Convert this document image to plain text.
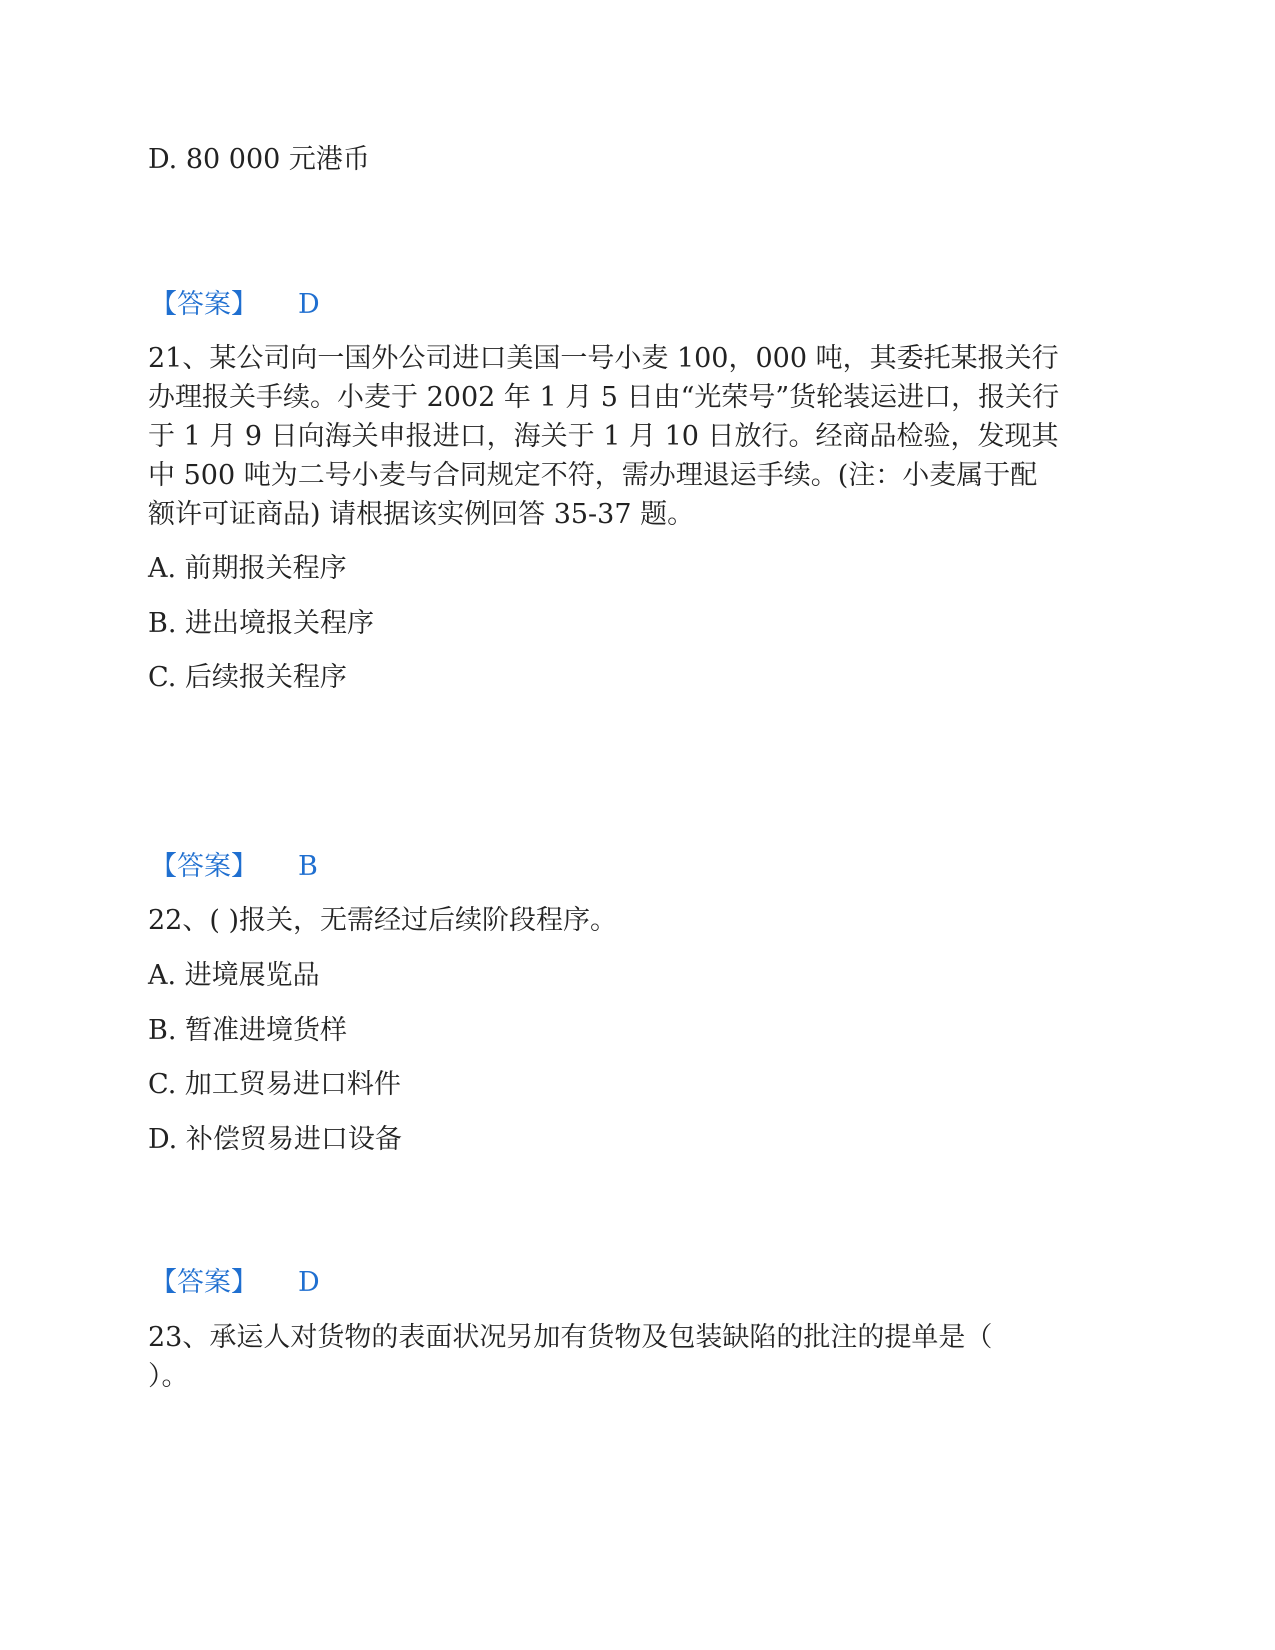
D. 80 000 元港币
【答案】 D
21、某公司向一国外公司进口美国一号小麦 100，000 吨，其委托某报关行
办理报关手续。小麦于 2002 年 1 月 5 日由“光荣号”货轮装运进口，报关行
于 1 月 9 日向海关申报进口，海关于 1 月 10 日放行。经商品检验，发现其
中 500 吨为二号小麦与合同规定不符，需办理退运手续。(注：小麦属于配
额许可证商品) 请根据该实例回答 35-37 题。
A. 前期报关程序
B. 进出境报关程序
C. 后续报关程序
【答案】 B
22、( )报关，无需经过后续阶段程序。
A. 进境展览品
B. 暂准进境货样
C. 加工贸易进口料件
D. 补偿贸易进口设备
【答案】 D
23、承运人对货物的表面状况另加有货物及包装缺陷的批注的提单是（
）。
